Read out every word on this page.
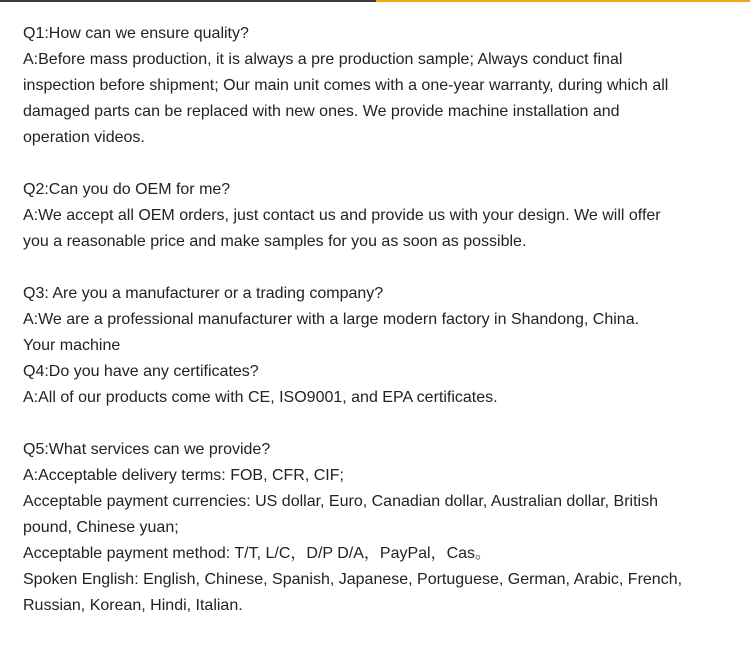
Q1:How can we ensure quality?
A:Before mass production, it is always a pre production sample; Always conduct final
inspection before shipment; Our main unit comes with a one-year warranty, during which all
damaged parts can be replaced with new ones. We provide machine installation and
operation videos.
Q2:Can you do OEM for me?
A:We accept all OEM orders, just contact us and provide us with your design. We will offer
you a reasonable price and make samples for you as soon as possible.
Q3: Are you a manufacturer or a trading company?
A:We are a professional manufacturer with a large modern factory in Shandong, China.
Your machine
Q4:Do you have any certificates?
A:All of our products come with CE, ISO9001, and EPA certificates.
Q5:What services can we provide?
A:Acceptable delivery terms: FOB, CFR, CIF;
Acceptable payment currencies: US dollar, Euro, Canadian dollar, Australian dollar, British
pound, Chinese yuan;
Acceptable payment method: T/T, L/C，D/P D/A，PayPal，Cas。
Spoken English: English, Chinese, Spanish, Japanese, Portuguese, German, Arabic, French,
Russian, Korean, Hindi, Italian.
